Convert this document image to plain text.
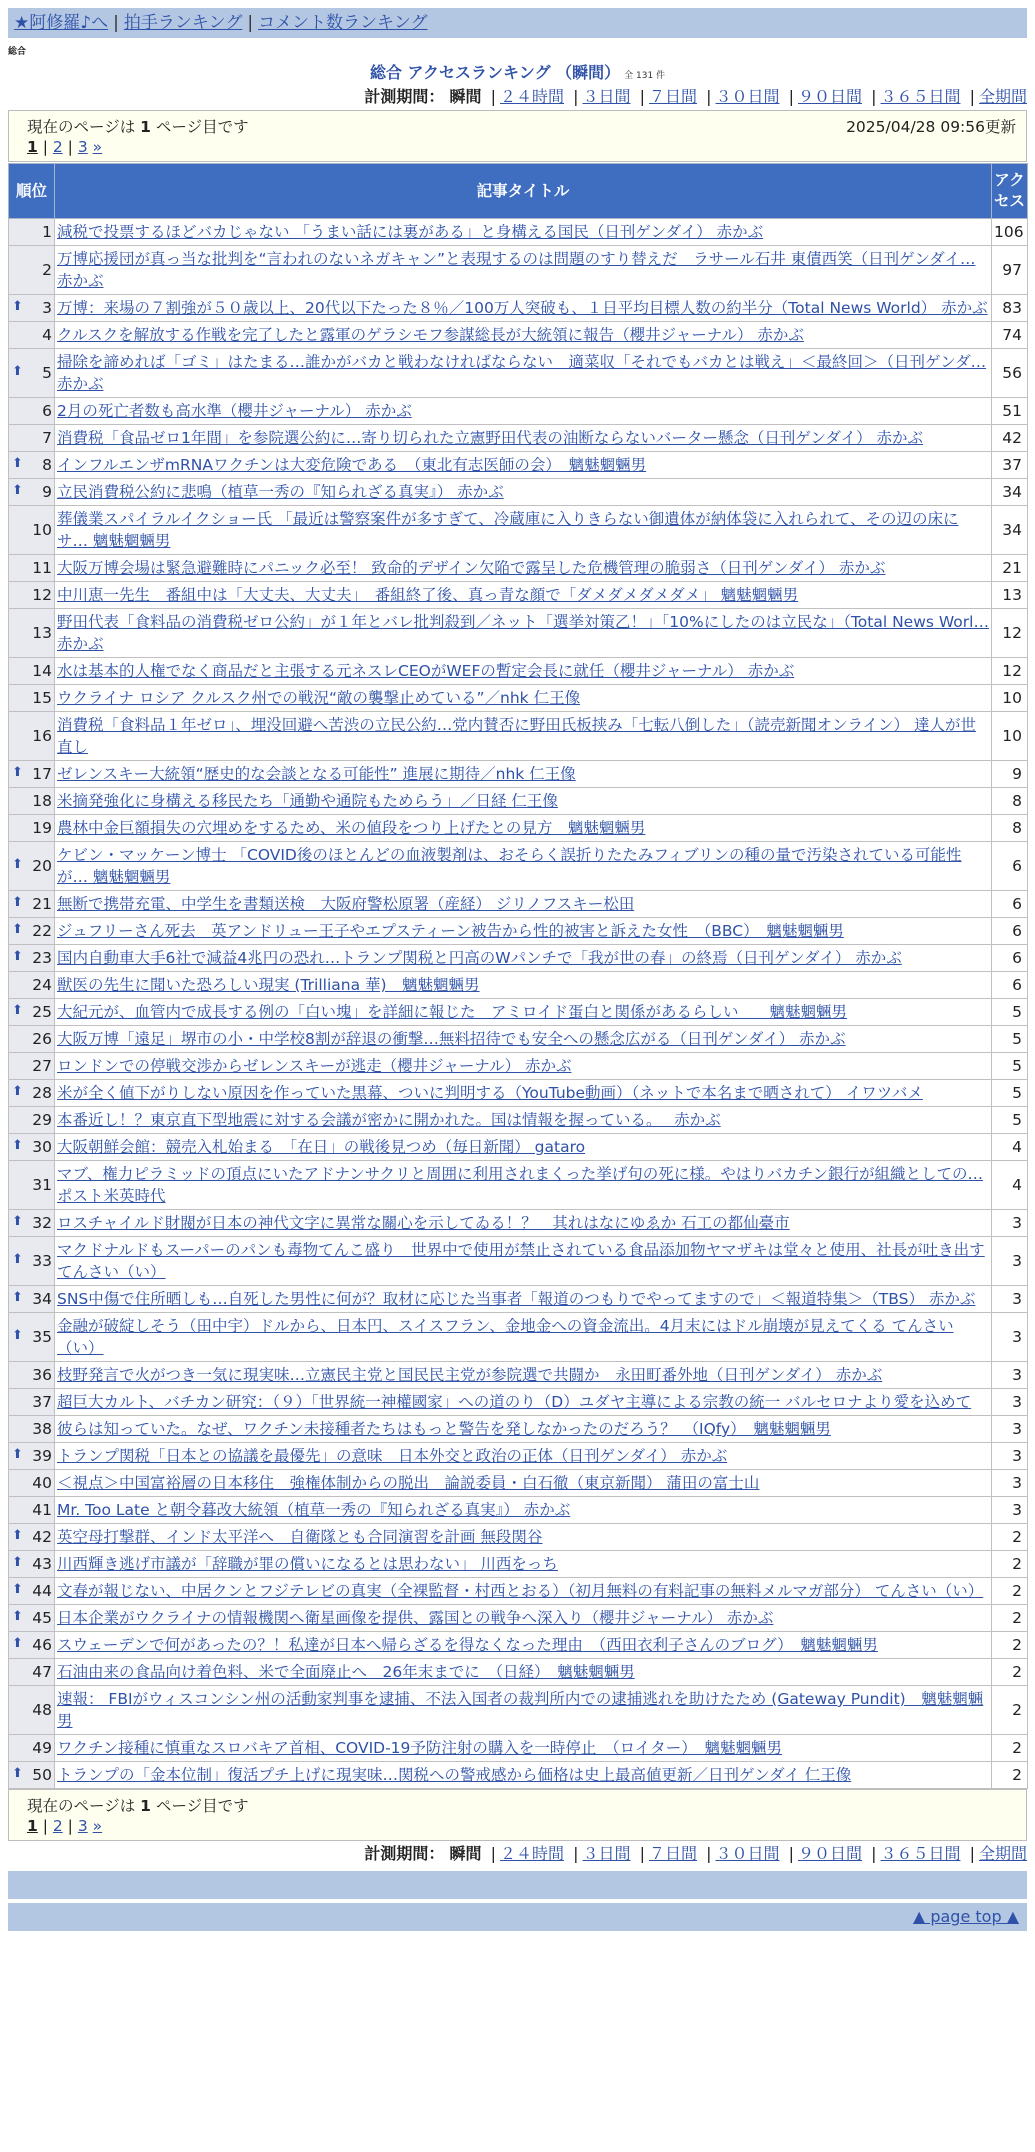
★阿修羅♪へ | 拍手ランキング | コメント数ランキング
総合
総合 アクセスランキング （瞬間） 全 131 件
計測期間： 瞬間 | ２４時間 | ３日間 | ７日間 | ３０日間 | ９０日間 | ３６５日間 | 全期間
現在のページは 1 ページ目です	2025/04/28 09:56更新
1 | 2 | 3 »
順位	記事タイトル	アクセス
1	減税で投票するほどバカじゃない 「うまい話には裏がある」と身構える国民（日刊ゲンダイ） 赤かぶ	106
2	万博応援団が真っ当な批判を“言われのないネガキャン”と表現するのは問題のすり替えだ　ラサール石井 東債西笑（日刊ゲンダイ… 赤かぶ	97

⬆ 3	万博：来場の７割強が５０歳以上、20代以下たった８％／100万人突破も、１日平均目標人数の約半分（Total News World） 赤かぶ	83
4	クルスクを解放する作戦を完了したと露軍のゲラシモフ参謀総長が大統領に報告（櫻井ジャーナル） 赤かぶ	74

⬆ 5	掃除を諦めれば「ゴミ」はたまる…誰かがバカと戦わなければならない　適菜収「それでもバカとは戦え」＜最終回＞（日刊ゲンダ… 赤かぶ	56
6	2月の死亡者数も高水準（櫻井ジャーナル） 赤かぶ	51
7	消費税「食品ゼロ1年間」を参院選公約に…寄り切られた立憲野田代表の油断ならないバーター懸念（日刊ゲンダイ） 赤かぶ	42

⬆ 8	インフルエンザmRNAワクチンは大変危険である　（東北有志医師の会）　魑魅魍魎男	37

⬆ 9	立民消費税公約に悲鳴（植草一秀の『知られざる真実』） 赤かぶ	34
10	葬儀業スパイラルイクショー氏 「最近は警察案件が多すぎて、冷蔵庫に入りきらない御遺体が納体袋に入れられて、その辺の床にサ… 魑魅魍魎男	34
11	大阪万博会場は緊急避難時にパニック必至！ 致命的デザイン欠陥で露呈した危機管理の脆弱さ（日刊ゲンダイ） 赤かぶ	21
12	中川恵一先生　番組中は「大丈夫、大丈夫」　番組終了後、真っ青な顔で「ダメダメダメダメ」 魑魅魍魎男	13
13	野田代表「食料品の消費税ゼロ公約」が１年とバレ批判殺到／ネット「選挙対策乙！」「10%にしたのは立民な」（Total News Worl… 赤かぶ	12
14	水は基本的人権でなく商品だと主張する元ネスレCEOがWEFの暫定会長に就任（櫻井ジャーナル） 赤かぶ	12
15	ウクライナ ロシア クルスク州での戦況“敵の襲撃止めている”／nhk 仁王像	10
16	消費税「食料品１年ゼロ」、埋没回避へ苦渋の立民公約…党内賛否に野田氏板挟み「七転八倒した」（読売新聞オンライン） 達人が世直し	10

⬆ 17	ゼレンスキー大統領“歴史的な会談となる可能性” 進展に期待／nhk 仁王像	9
18	米摘発強化に身構える移民たち「通勤や通院もためらう」／日経 仁王像	8
19	農林中金巨額損失の穴埋めをするため、米の値段をつり上げたとの見方　魑魅魍魎男	8

⬆ 20	ケビン・マッケーン博士 「COVID後のほとんどの血液製剤は、おそらく誤折りたたみフィブリンの種の量で汚染されている可能性が… 魑魅魍魎男	6

⬆ 21	無断で携帯充電、中学生を書類送検　大阪府警松原署（産経） ジリノフスキー松田	6

⬆ 22	ジュフリーさん死去　英アンドリュー王子やエプスティーン被告から性的被害と訴えた女性　（BBC）　魑魅魍魎男	6

⬆ 23	国内自動車大手6社で減益4兆円の恐れ…トランプ関税と円高のWパンチで「我が世の春」の終焉（日刊ゲンダイ） 赤かぶ	6
24	獣医の先生に聞いた恐ろしい現実 (Trilliana 華)　魑魅魍魎男	6

⬆ 25	大紀元が、血管内で成長する例の「白い塊」を詳細に報じた　アミロイド蛋白と関係があるらしい　　魑魅魍魎男	5
26	大阪万博「遠足」堺市の小・中学校8割が辞退の衝撃…無料招待でも安全への懸念広がる（日刊ゲンダイ） 赤かぶ	5
27	ロンドンでの停戦交渉からゼレンスキーが逃走（櫻井ジャーナル） 赤かぶ	5

⬆ 28	米が全く値下がりしない原因を作っていた黒幕、ついに判明する（YouTube動画）（ネットで本名まで晒されて） イワツバメ	5
29	本番近し！？東京直下型地震に対する会議が密かに開かれた。国は情報を握っている。　 赤かぶ	5

⬆ 30	大阪朝鮮会館：競売入札始まる　「在日」の戦後見つめ（毎日新聞） gataro	4
31	マブ、権力ピラミッドの頂点にいたアドナンサクリと周囲に利用されまくった挙げ句の死に様。やはりバカチン銀行が組織としての… ポスト米英時代	4

⬆ 32	ロスチャイルド財閥が日本の神代文字に異常な關心を示してゐる！？　其れはなにゆゑか 石工の都仙臺市	3

⬆ 33	マクドナルドもスーパーのパンも毒物てんこ盛り　世界中で使用が禁止されている食品添加物ヤマザキは堂々と使用、社長が吐き出す てんさい（い）	3

⬆ 34	SNS中傷で住所晒しも…自死した男性に何が？取材に応じた当事者「報道のつもりでやってますので」＜報道特集＞（TBS） 赤かぶ	3

⬆ 35	金融が破綻しそう（田中宇）ドルから、日本円、スイスフラン、金地金への資金流出。4月末にはドル崩壊が見えてくる てんさい（い）	3
36	枝野発言で火がつき一気に現実味…立憲民主党と国民民主党が参院選で共闘か　永田町番外地（日刊ゲンダイ） 赤かぶ	3
37	超巨大カルト、バチカン研究：（９）「世界統一神權國家」への道のり（D）ユダヤ主導による宗教の統一 バルセロナより愛を込めて	3
38	彼らは知っていた。なぜ、ワクチン未接種者たちはもっと警告を発しなかったのだろう？　（IQfy）　魑魅魍魎男	3

⬆ 39	トランプ関税「日本との協議を最優先」の意味　日本外交と政治の正体（日刊ゲンダイ） 赤かぶ	3
40	＜視点＞中国富裕層の日本移住　強権体制からの脱出　論説委員・白石徹（東京新聞） 蒲田の富士山	3
41	Mr. Too Late と朝令暮改大統領（植草一秀の『知られざる真実』） 赤かぶ	3

⬆ 42	英空母打撃群、インド太平洋へ　自衛隊とも合同演習を計画 無段関谷	2

⬆ 43	川西輝き逃げ市議が「辞職が罪の償いになるとは思わない」 川西をっち	2

⬆ 44	文春が報じない、中居クンとフジテレビの真実（全裸監督・村西とおる）（初月無料の有料記事の無料メルマガ部分） てんさい（い）	2

⬆ 45	日本企業がウクライナの情報機関へ衛星画像を提供、露国との戦争へ深入り（櫻井ジャーナル） 赤かぶ	2

⬆ 46	スウェーデンで何があったの？！私達が日本へ帰らざるを得なくなった理由　（西田衣利子さんのブログ）　魑魅魍魎男	2
47	石油由来の食品向け着色料、米で全面廃止へ　26年末までに　（日経）　魑魅魍魎男	2
48	速報： FBIがウィスコンシン州の活動家判事を逮捕、不法入国者の裁判所内での逮捕逃れを助けたため (Gateway Pundit)　魑魅魍魎男	2
49	ワクチン接種に慎重なスロバキア首相、COVID-19予防注射の購入を一時停止　（ロイター）　魑魅魍魎男	2

⬆ 50	トランプの「金本位制」復活プチ上げに現実味…関税への警戒感から価格は史上最高値更新／日刊ゲンダイ 仁王像	2
現在のページは 1 ページ目です
1 | 2 | 3 »
計測期間： 瞬間 | ２４時間 | ３日間 | ７日間 | ３０日間 | ９０日間 | ３６５日間 | 全期間
▲ page top ▲
